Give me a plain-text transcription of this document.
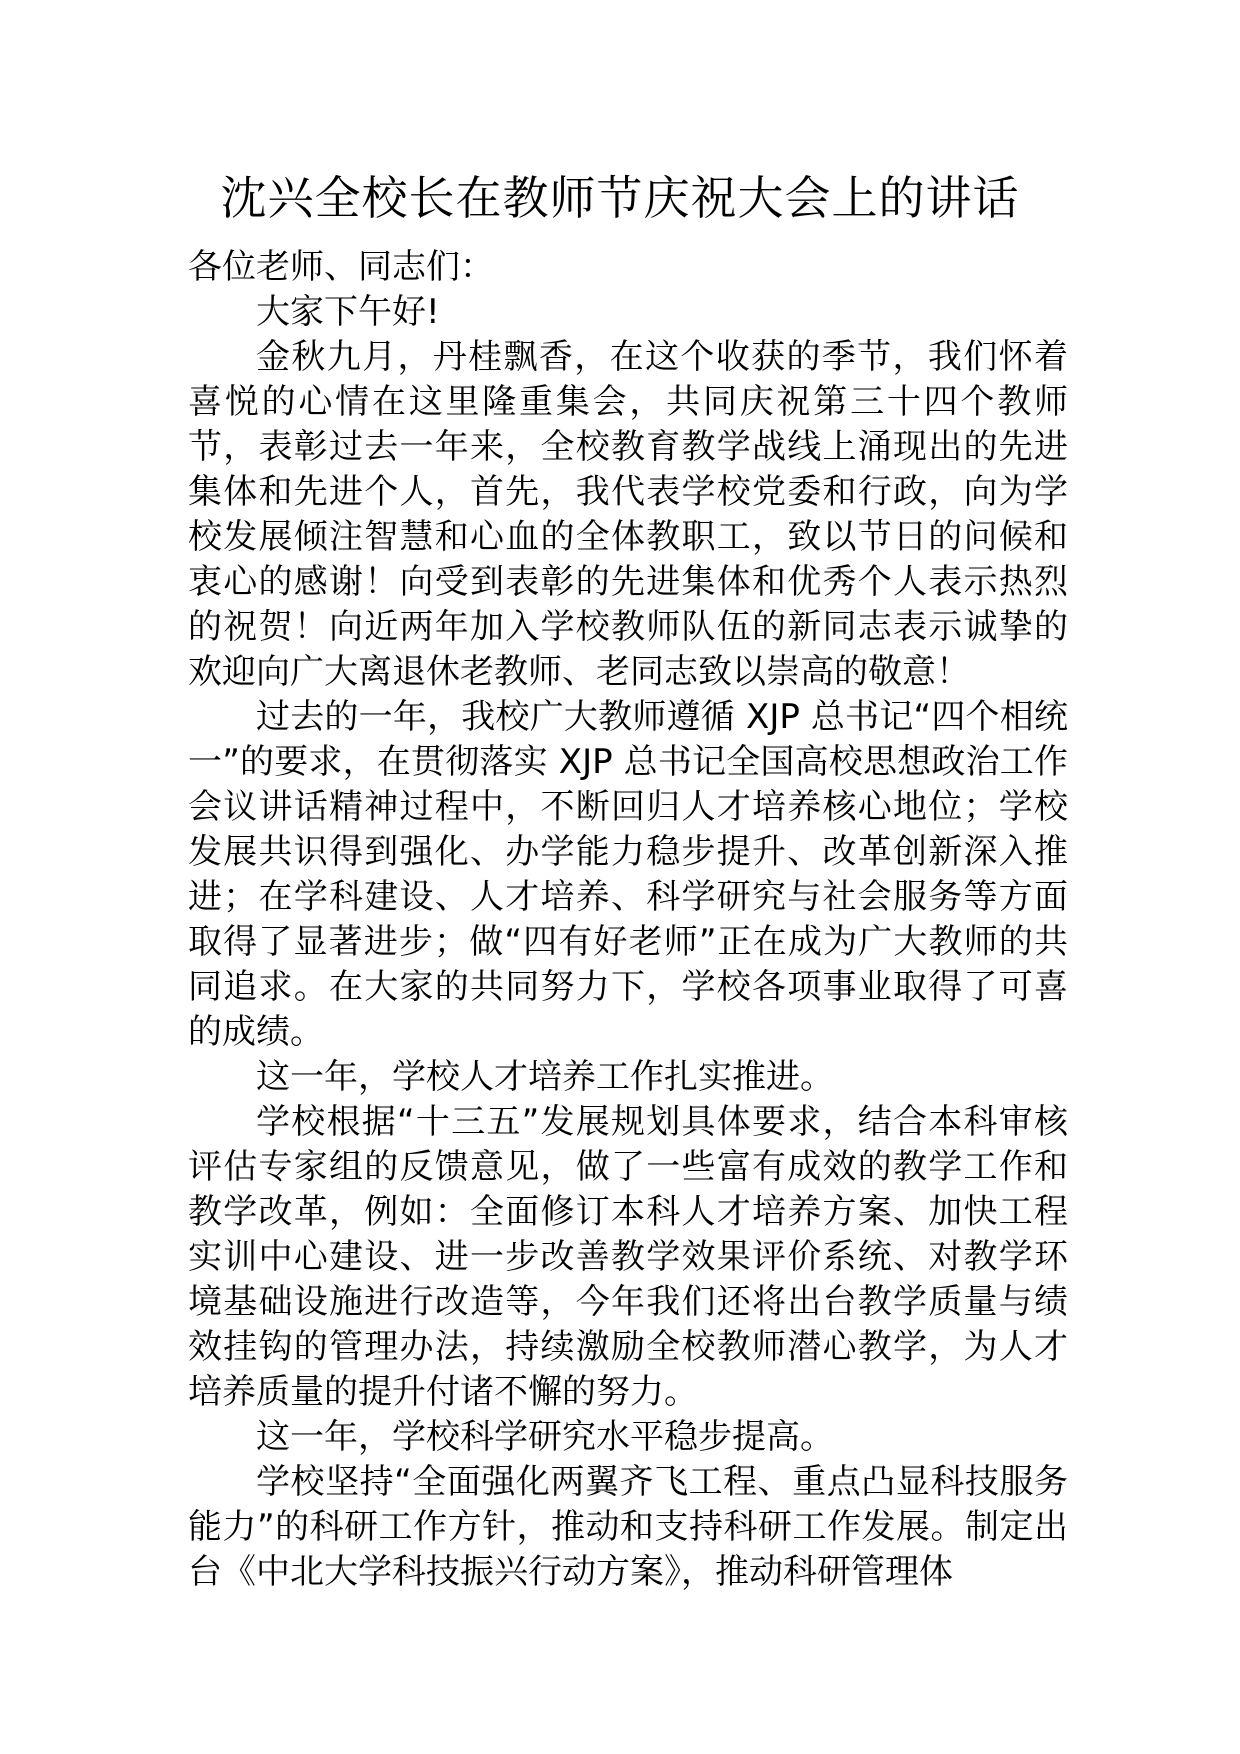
沈兴全校长在教师节庆祝大会上的讲话

各位老师、同志们：

大家下午好!

金秋九月，丹桂飘香，在这个收获的季节，我们怀着喜悦的心情在这里隆重集会，共同庆祝第三十四个教师节，表彰过去一年来，全校教育教学战线上涌现出的先进集体和先进个人，首先，我代表学校党委和行政，向为学校发展倾注智慧和心血的全体教职工，致以节日的问候和衷心的感谢！向受到表彰的先进集体和优秀个人表示热烈的祝贺！向近两年加入学校教师队伍的新同志表示诚挚的欢迎向广大离退休老教师、老同志致以崇高的敬意！

过去的一年，我校广大教师遵循 XJP 总书记“四个相统一”的要求，在贯彻落实 XJP 总书记全国高校思想政治工作会议讲话精神过程中，不断回归人才培养核心地位；学校发展共识得到强化、办学能力稳步提升、改革创新深入推进；在学科建设、人才培养、科学研究与社会服务等方面取得了显著进步；做“四有好老师”正在成为广大教师的共同追求。在大家的共同努力下，学校各项事业取得了可喜的成绩。

这一年，学校人才培养工作扎实推进。

学校根据“十三五”发展规划具体要求，结合本科审核评估专家组的反馈意见，做了一些富有成效的教学工作和教学改革，例如：全面修订本科人才培养方案、加快工程实训中心建设、进一步改善教学效果评价系统、对教学环境基础设施进行改造等，今年我们还将出台教学质量与绩效挂钩的管理办法，持续激励全校教师潜心教学，为人才培养质量的提升付诸不懈的努力。

这一年，学校科学研究水平稳步提高。

学校坚持“全面强化两翼齐飞工程、重点凸显科技服务能力”的科研工作方针，推动和支持科研工作发展。制定出台《中北大学科技振兴行动方案》，推动科研管理体
